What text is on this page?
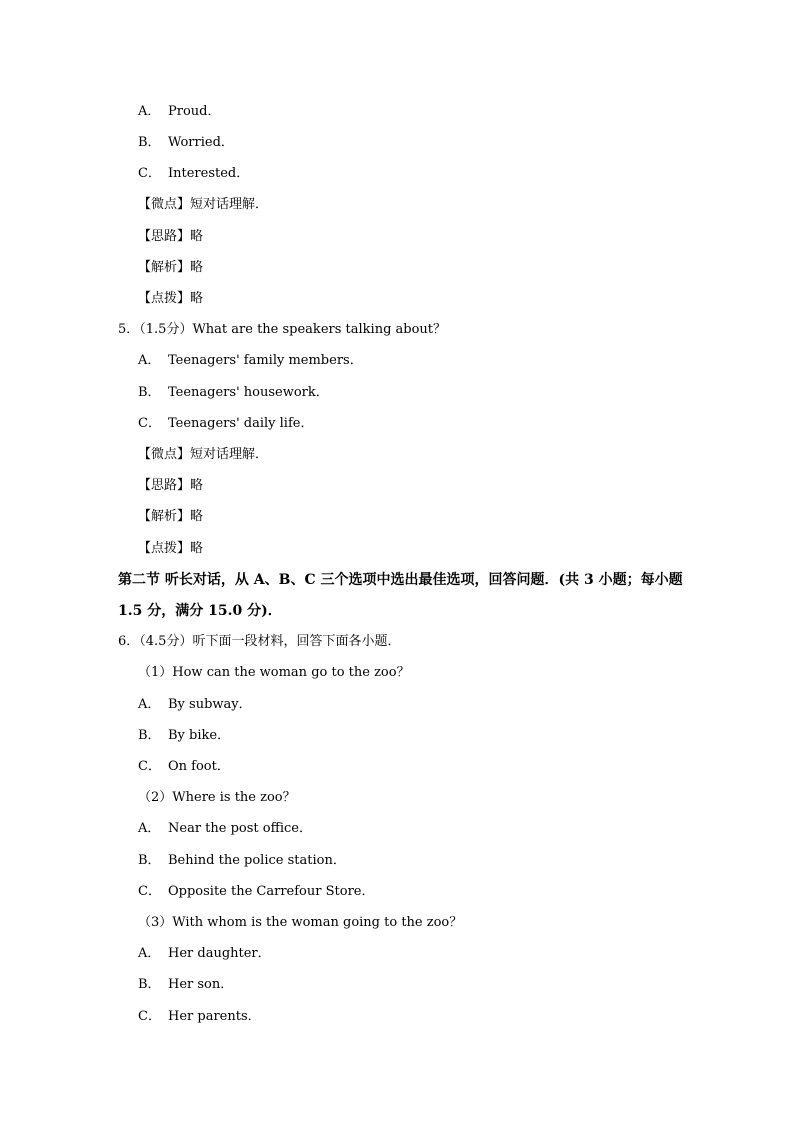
A． Proud．
B． Worried．
C． Interested．
【微点】短对话理解．
【思路】略
【解析】略
【点拨】略
5．（1.5分）What are the speakers talking about？
A． Teenagers' family members．
B． Teenagers' housework．
C． Teenagers' daily life．
【微点】短对话理解．
【思路】略
【解析】略
【点拨】略
第二节 听长对话，从 A、B、C 三个选项中选出最佳选项，回答问题．(共 3 小题；每小题
1.5 分，满分 15.0 分)．
6．（4.5分）听下面一段材料，回答下面各小题．
（1）How can the woman go to the zoo？
A． By subway．
B． By bike．
C． On foot．
（2）Where is the zoo？
A． Near the post office．
B． Behind the police station．
C． Opposite the Carrefour Store．
（3）With whom is the woman going to the zoo？
A． Her daughter．
B． Her son．
C． Her parents．
